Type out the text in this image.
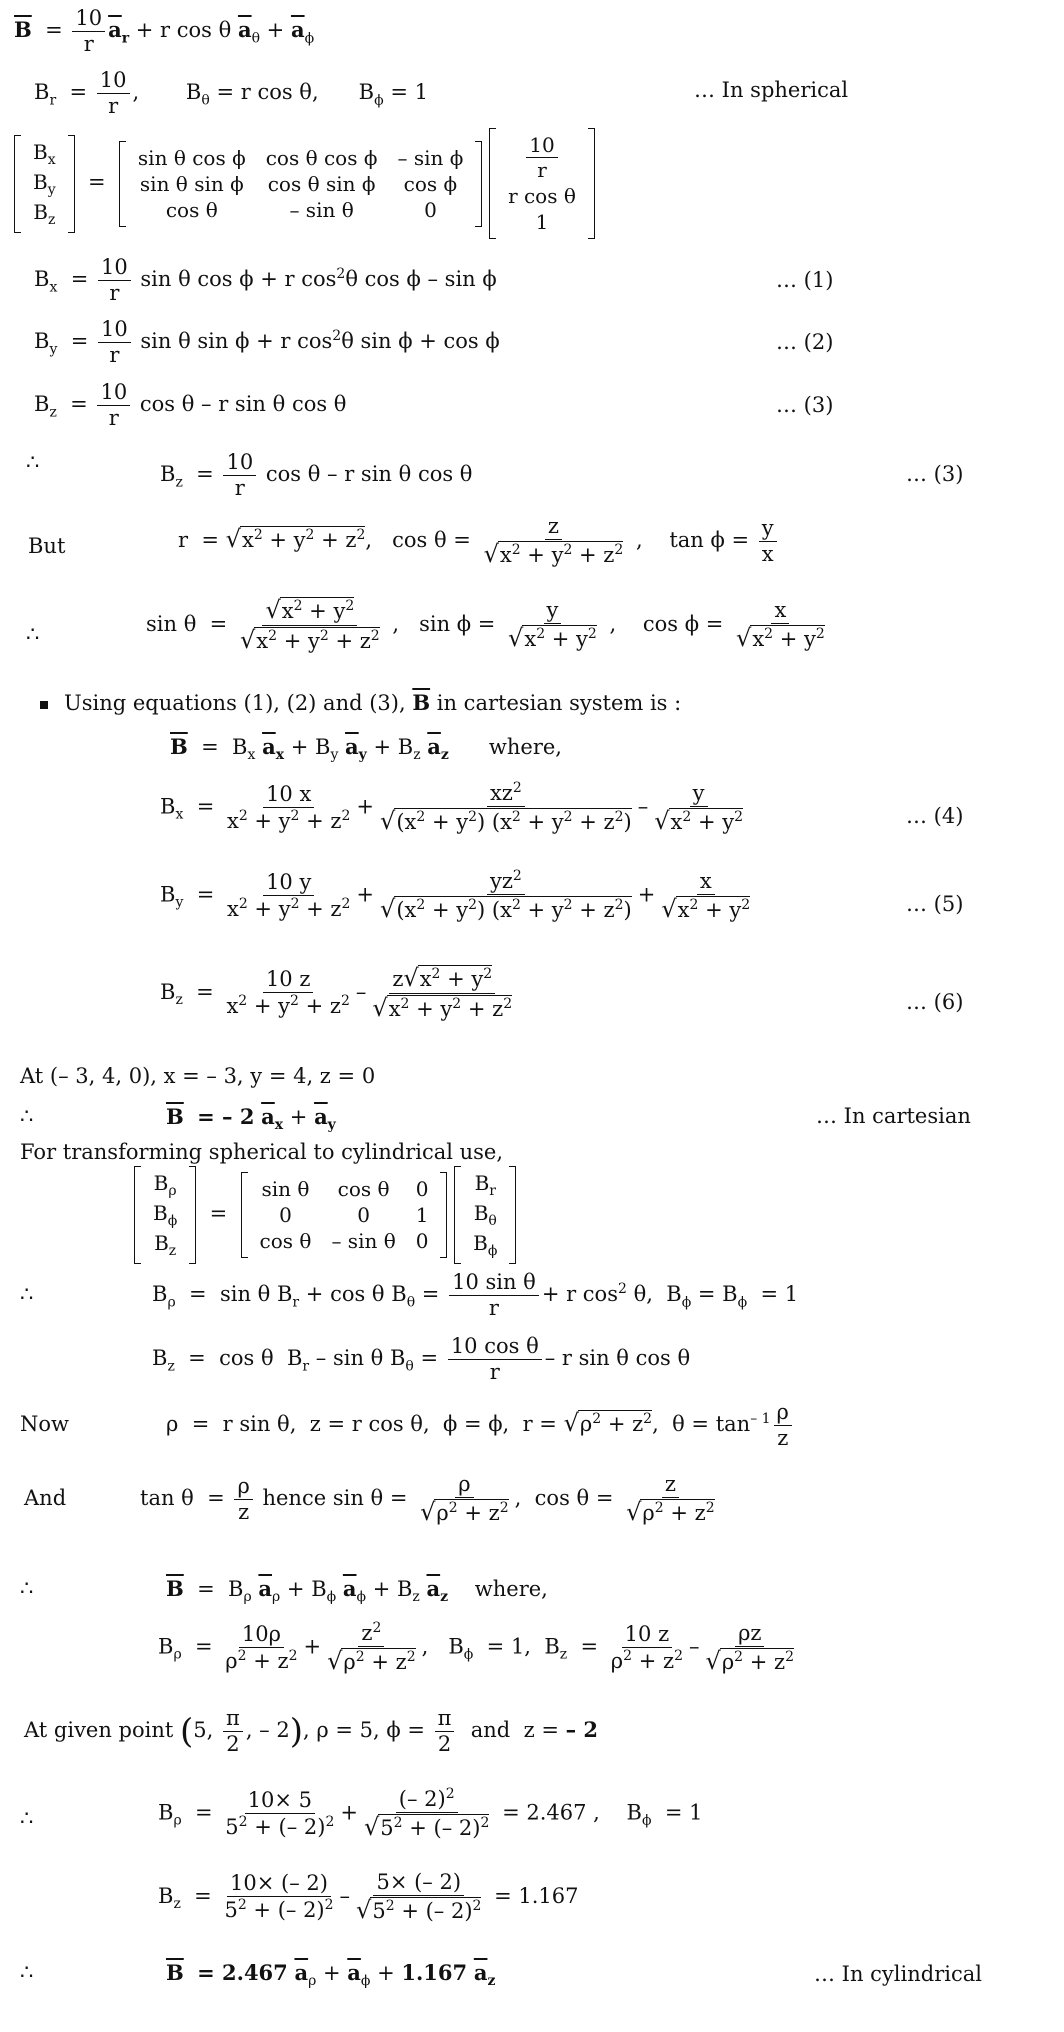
$\overline{B} = \frac{10}{r} \overline{a}_r + r$ cos θ $\overline{a}_\theta + \overline{a}_\phi$
$B_r = \frac{10}{r}$ ,       $B_\theta = r$ cos θ,      $B_\phi = 1$	… In spherical
$B_x$
$B_y$
$B_z$
=
sin θ cos ϕ	cos θ cos ϕ	– sin ϕ
sin θ sin ϕ	cos θ sin ϕ	cos ϕ
cos θ	– sin θ	0

$\frac{10}{r}$

r cos θ
1
$B_x = \frac{10}{r}$ sin θ cos ϕ + r $\cos^2\theta$ cos ϕ – sin ϕ	… (1)
$B_y = \frac{10}{r}$ sin θ sin ϕ + r $\cos^2\theta$ sin ϕ + cos ϕ	… (2)
$B_z = \frac{10}{r}$ cos θ – r sin θ cos θ	… (3)
∴
$B_z = \frac{10}{r}$ cos θ – r sin θ cos θ	… (3)
But	$r = √x^2 + y^2 + z^2$,   $\cos \theta = \frac{z}{√x^2 + y^2 + z^2}$ ,    $\tan \phi = \frac{y}{x}$
∴	$\sin \theta = \frac{√x^2 + y^2}{√x^2 + y^2 + z^2}$ ,   $\sin \phi = \frac{y}{√x^2 + y^2}$ ,    $\cos \phi = \frac{x}{√x^2 + y^2}$
Using equations (1), (2) and (3), $\overline{B}$ in cartesian system is :
$\overline{B} = B_x$ $\overline{a}_x + B_y$ $\overline{a}_y + B_z$ $\overline{a}_z$ where,
$B_x = \frac{10 x}{x^2 + y^2 + z^2} + \frac{xz^2}{√(x^2 + y^2) (x^2 + y^2 + z^2)} - \frac{y}{√x^2 + y^2}$	… (4)
$B_y = \frac{10 y}{x^2 + y^2 + z^2} + \frac{yz^2}{√(x^2 + y^2) (x^2 + y^2 + z^2)} + \frac{x}{√x^2 + y^2}$	… (5)
$B_z = \frac{10 z}{x^2 + y^2 + z^2} - \frac{z√x^2 + y^2}{√x^2 + y^2 + z^2}$	… (6)
At (– 3, 4, 0), x = – 3, y = 4, z = 0
∴	$\overline{B}$ = – 2 $\overline{a}_x + \overline{a}_y$	… In cartesian
For transforming spherical to cylindrical use,
$B_\rho$
$B_\phi$
$B_z$
=
sin θ	cos θ	0
0	0	1
cos θ	– sin θ	0

$B_r$
$B_\theta$
$B_\phi$
∴	$B_\rho = \sin \theta$ $B_r + \cos \theta$ $B_\theta = \frac{\text{10 sin θ}}{r} + r$ $\cos^2 \theta$,  $B_\phi = B_\phi = 1$
$B_z = \cos \theta$  $B_r$ – sin θ $B_\theta = \frac{\text{10 cos θ}}{r} - r$ sin θ cos θ
Now	ρ  =  r sin θ,  z = r cos θ,  ϕ = ϕ,  $r = √\rho^2 + z^2$,  $\theta = \tan^{- 1} \frac{\rho}{z}$
And	$\tan \theta = \frac{\rho}{z}$ hence $\sin \theta = \frac{\rho}{√\rho^2 + z^2}$ ,  $\cos \theta = \frac{z}{√\rho^2 + z^2}$
∴	$\overline{B} = B_\rho$ $\overline{a}_\rho + B_\phi$ $\overline{a}_\phi + B_z$ $\overline{a}_z$ where,
$B_\rho = \frac{10\rho}{\rho^2 + z^2} + \frac{z^2}{√\rho^2 + z^2}$ ,   $B_\phi = 1$,  $B_z = \frac{10 z}{\rho^2 + z^2} - \frac{\rho z}{√\rho^2 + z^2}$
At given point (5, $\frac{\pi}{2}$ , – 2), ρ = 5, $\phi = \frac{\pi}{2}$ and  z = – 2
∴	$B_\rho = \frac{10\times 5}{5^2 + (- 2)^2} + \frac{(- 2)^2}{√5^2 + (- 2)^2} = 2.467$ ,    $B_\phi = 1$
$B_z = \frac{10\times (- 2)}{5^2 + (- 2)^2} - \frac{5\times (- 2)}{√5^2 + (- 2)^2} = 1.167$
∴	$\overline{B} = 2.467$ $\overline{a}_\rho + \overline{a}_\phi + 1.167$ $\overline{a}_z$	… In cylindrical
